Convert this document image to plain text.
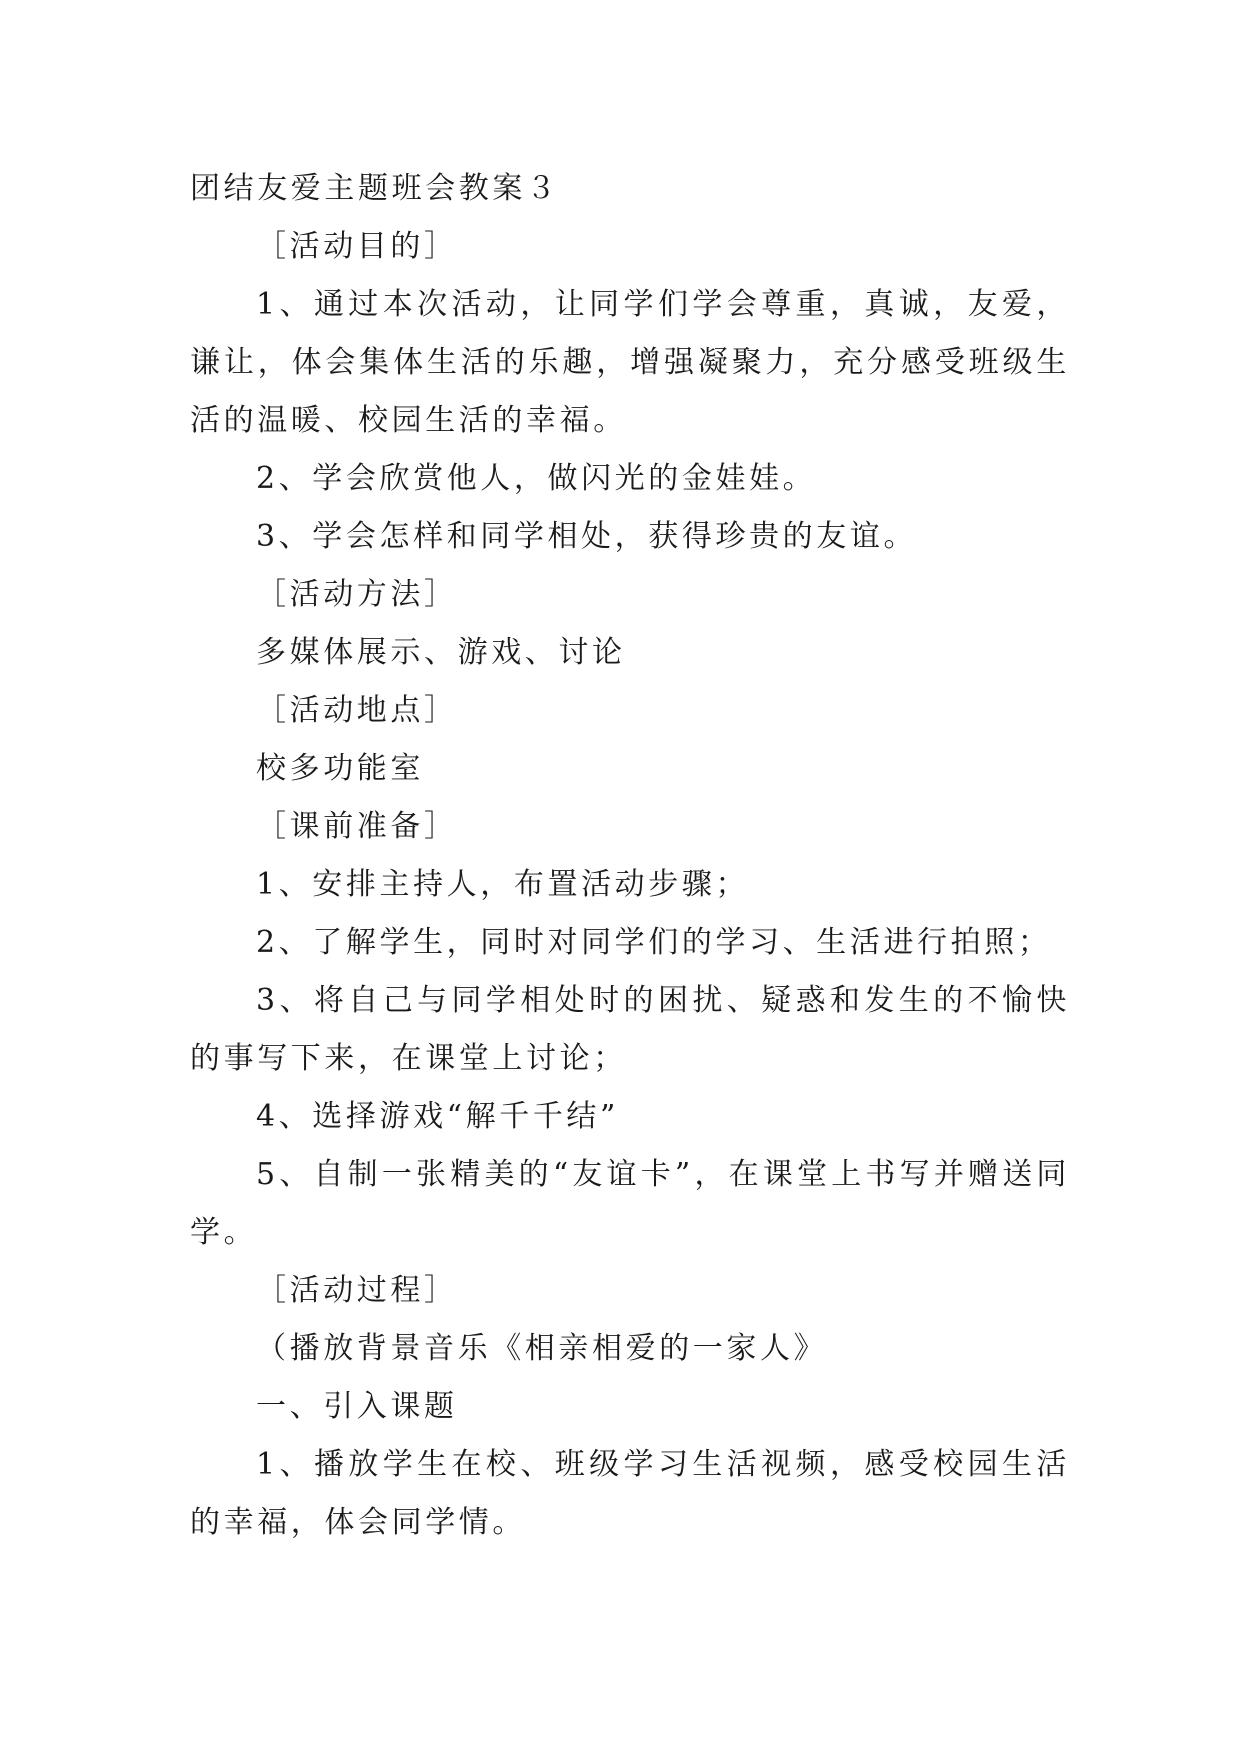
团结友爱主题班会教案３

［活动目的］

1、通过本次活动，让同学们学会尊重，真诚，友爱，谦让，体会集体生活的乐趣，增强凝聚力，充分感受班级生活的温暖、校园生活的幸福。

2、学会欣赏他人，做闪光的金娃娃。

3、学会怎样和同学相处，获得珍贵的友谊。

［活动方法］

多媒体展示、游戏、讨论

［活动地点］

校多功能室

［课前准备］

1、安排主持人，布置活动步骤；

2、了解学生，同时对同学们的学习、生活进行拍照；

3、将自己与同学相处时的困扰、疑惑和发生的不愉快的事写下来，在课堂上讨论；

4、选择游戏“解千千结”

5、自制一张精美的“友谊卡”，在课堂上书写并赠送同学。

［活动过程］

（播放背景音乐《相亲相爱的一家人》

一、引入课题

1、播放学生在校、班级学习生活视频，感受校园生活的幸福，体会同学情。
